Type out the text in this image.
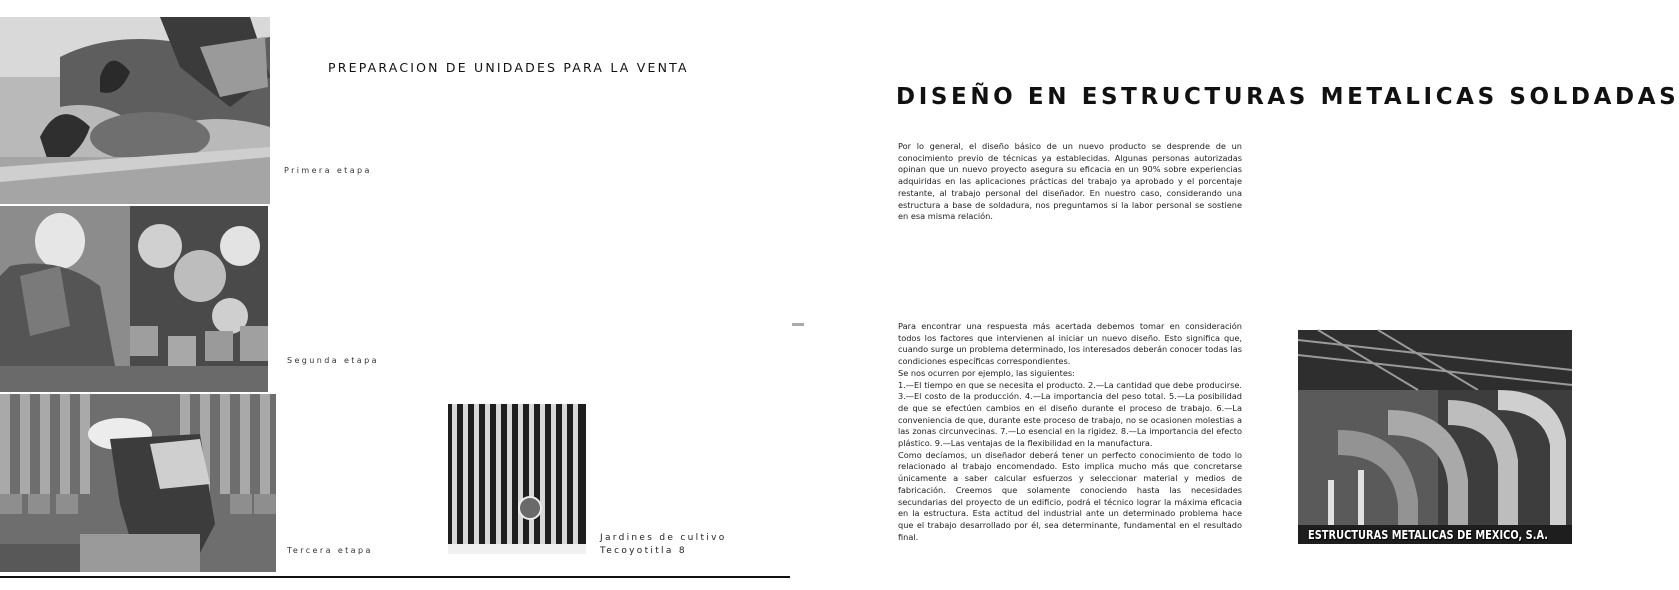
Primera etapa
Segunda etapa
Tercera etapa
PREPARACION DE UNIDADES PARA LA VENTA
Jardines de cultivo
Tecoyotitla 8
DISEÑO EN ESTRUCTURAS METALICAS SOLDADAS

Por lo general, el diseño básico de un nuevo producto se desprende de un conocimiento previo de técnicas ya establecidas. Algunas personas autorizadas opinan que un nuevo proyecto asegura su eficacia en un 90% sobre experiencias adquiridas en las aplicaciones prácticas del trabajo ya aprobado y el porcentaje restante, al trabajo personal del diseñador. En nuestro caso, considerando una estructura a base de soldadura, nos preguntamos si la labor personal se sostiene en esa misma relación.

Para encontrar una respuesta más acertada debemos tomar en consideración todos los factores que intervienen al iniciar un nuevo diseño. Esto significa que, cuando surge un problema determinado, los interesados deberán conocer todas las condiciones específicas correspondientes.
Se nos ocurren por ejemplo, las siguientes:
1.—El tiempo en que se necesita el producto. 2.—La cantidad que debe producirse. 3.—El costo de la producción. 4.—La importancia del peso total. 5.—La posibilidad de que se efectúen cambios en el diseño durante el proceso de trabajo. 6.—La conveniencia de que, durante este proceso de trabajo, no se ocasionen molestias a las zonas circunvecinas. 7.—Lo esencial en la rigidez. 8.—La importancia del efecto plástico. 9.—Las ventajas de la flexibilidad en la manufactura.
Como decíamos, un diseñador deberá tener un perfecto conocimiento de todo lo relacionado al trabajo encomendado. Esto implica mucho más que concretarse únicamente a saber calcular esfuerzos y seleccionar material y medios de fabricación. Creemos que solamente conociendo hasta las necesidades secundarias del proyecto de un edificio, podrá el técnico lograr la máxima eficacia en la estructura. Esta actitud del industrial ante un determinado problema hace que el trabajo desarrollado por él, sea determinante, fundamental en el resultado final.	ESTRUCTURAS METALICAS DE MEXICO, S.A.
